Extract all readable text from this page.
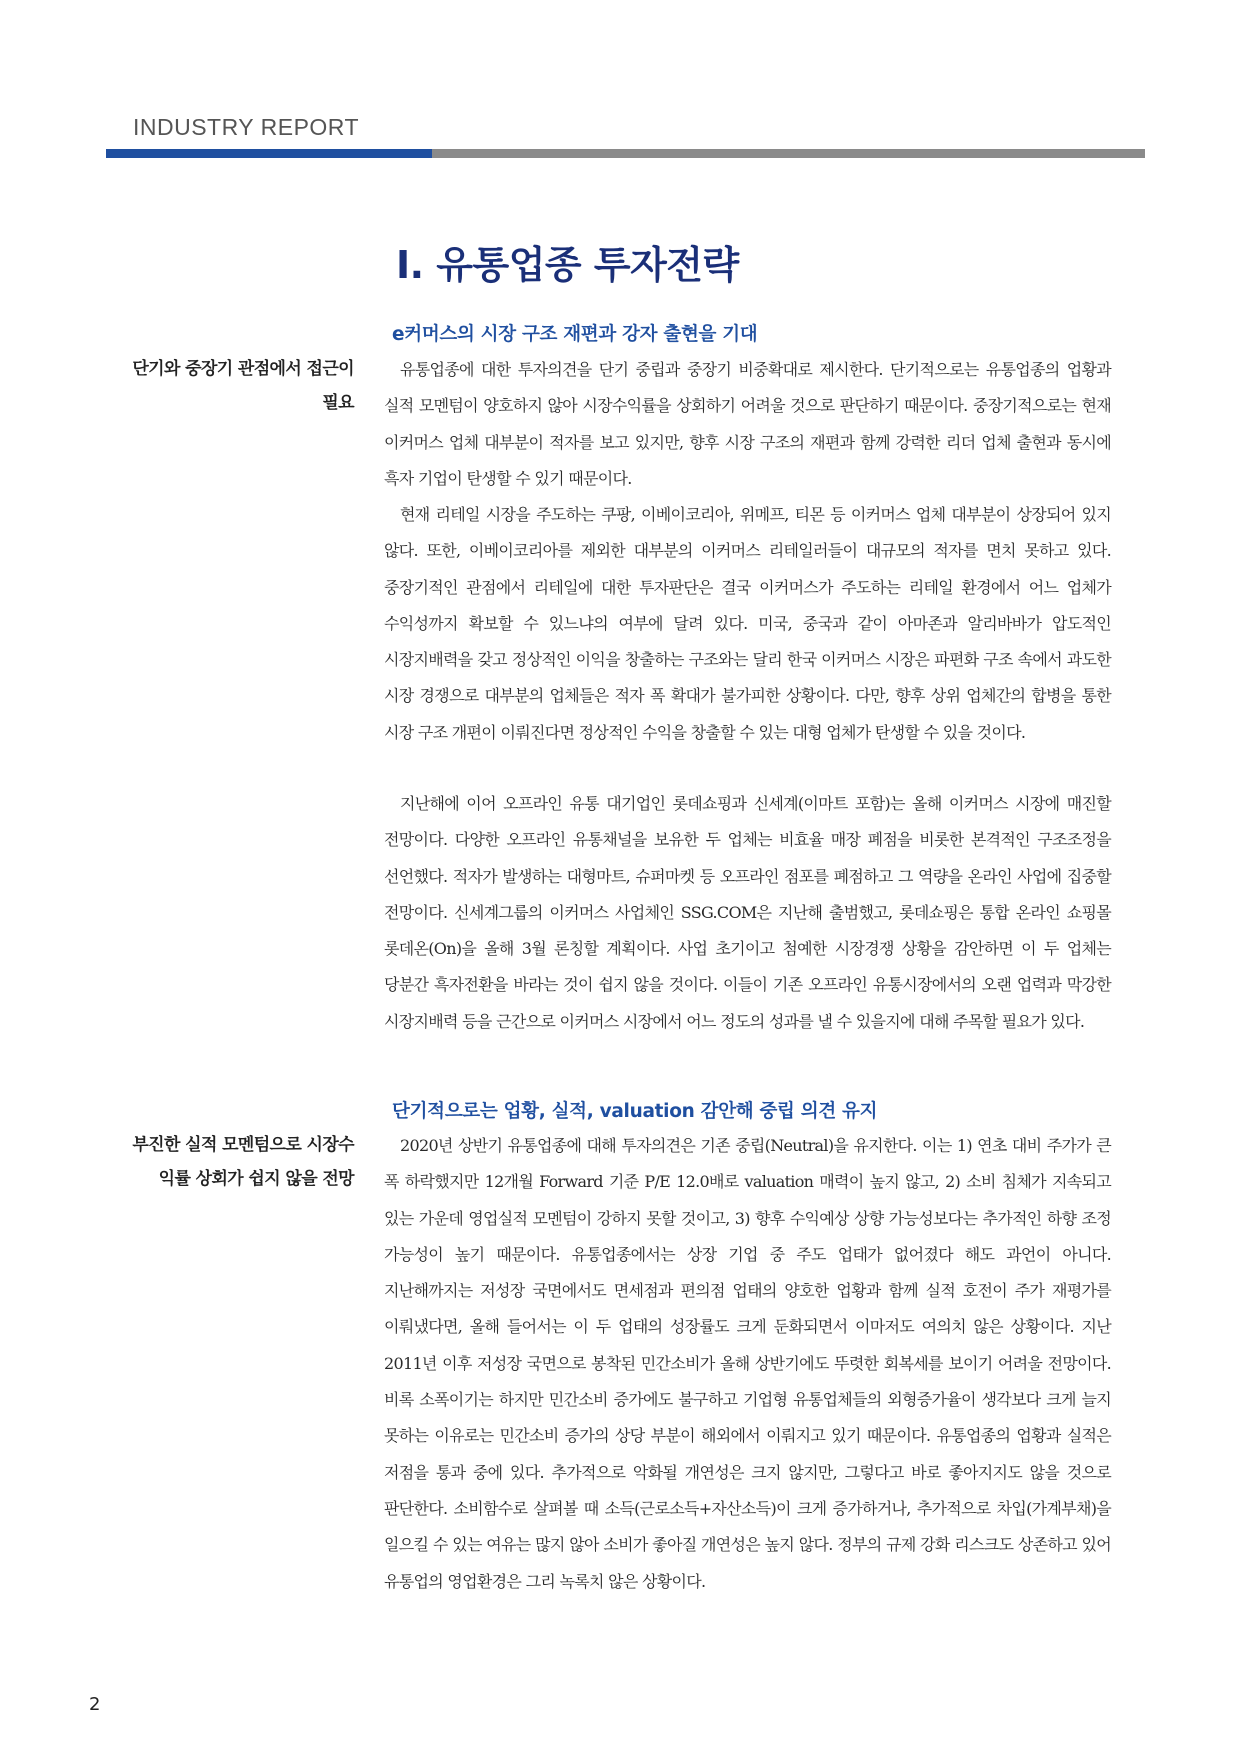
INDUSTRY REPORT
Ⅰ. 유통업종 투자전략
e커머스의 시장 구조 재편과 강자 출현을 기대
단기와 중장기 관점에서 접근이 필요
유통업종에 대한 투자의견을 단기 중립과 중장기 비중확대로 제시한다. 단기적으로는 유통업종의 업황과 실적 모멘텀이 양호하지 않아 시장수익률을 상회하기 어려울 것으로 판단하기 때문이다. 중장기적으로는 현재 이커머스 업체 대부분이 적자를 보고 있지만, 향후 시장 구조의 재편과 함께 강력한 리더 업체 출현과 동시에 흑자 기업이 탄생할 수 있기 때문이다.
현재 리테일 시장을 주도하는 쿠팡, 이베이코리아, 위메프, 티몬 등 이커머스 업체 대부분이 상장되어 있지 않다. 또한, 이베이코리아를 제외한 대부분의 이커머스 리테일러들이 대규모의 적자를 면치 못하고 있다. 중장기적인 관점에서 리테일에 대한 투자판단은 결국 이커머스가 주도하는 리테일 환경에서 어느 업체가 수익성까지 확보할 수 있느냐의 여부에 달려 있다. 미국, 중국과 같이 아마존과 알리바바가 압도적인 시장지배력을 갖고 정상적인 이익을 창출하는 구조와는 달리 한국 이커머스 시장은 파편화 구조 속에서 과도한 시장 경쟁으로 대부분의 업체들은 적자 폭 확대가 불가피한 상황이다. 다만, 향후 상위 업체간의 합병을 통한 시장 구조 개편이 이뤄진다면 정상적인 수익을 창출할 수 있는 대형 업체가 탄생할 수 있을 것이다.
지난해에 이어 오프라인 유통 대기업인 롯데쇼핑과 신세계(이마트 포함)는 올해 이커머스 시장에 매진할 전망이다. 다양한 오프라인 유통채널을 보유한 두 업체는 비효율 매장 폐점을 비롯한 본격적인 구조조정을 선언했다. 적자가 발생하는 대형마트, 슈퍼마켓 등 오프라인 점포를 폐점하고 그 역량을 온라인 사업에 집중할 전망이다. 신세계그룹의 이커머스 사업체인 SSG.COM은 지난해 출범했고, 롯데쇼핑은 통합 온라인 쇼핑몰 롯데온(On)을 올해 3월 론칭할 계획이다. 사업 초기이고 첨예한 시장경쟁 상황을 감안하면 이 두 업체는 당분간 흑자전환을 바라는 것이 쉽지 않을 것이다. 이들이 기존 오프라인 유통시장에서의 오랜 업력과 막강한 시장지배력 등을 근간으로 이커머스 시장에서 어느 정도의 성과를 낼 수 있을지에 대해 주목할 필요가 있다.
단기적으로는 업황, 실적, valuation 감안해 중립 의견 유지
부진한 실적 모멘텀으로 시장수익률 상회가 쉽지 않을 전망
2020년 상반기 유통업종에 대해 투자의견은 기존 중립(Neutral)을 유지한다. 이는 1) 연초 대비 주가가 큰 폭 하락했지만 12개월 Forward 기준 P/E 12.0배로 valuation 매력이 높지 않고, 2) 소비 침체가 지속되고 있는 가운데 영업실적 모멘텀이 강하지 못할 것이고, 3) 향후 수익예상 상향 가능성보다는 추가적인 하향 조정 가능성이 높기 때문이다. 유통업종에서는 상장 기업 중 주도 업태가 없어졌다 해도 과언이 아니다. 지난해까지는 저성장 국면에서도 면세점과 편의점 업태의 양호한 업황과 함께 실적 호전이 주가 재평가를 이뤄냈다면, 올해 들어서는 이 두 업태의 성장률도 크게 둔화되면서 이마저도 여의치 않은 상황이다. 지난 2011년 이후 저성장 국면으로 봉착된 민간소비가 올해 상반기에도 뚜렷한 회복세를 보이기 어려울 전망이다. 비록 소폭이기는 하지만 민간소비 증가에도 불구하고 기업형 유통업체들의 외형증가율이 생각보다 크게 늘지 못하는 이유로는 민간소비 증가의 상당 부분이 해외에서 이뤄지고 있기 때문이다. 유통업종의 업황과 실적은 저점을 통과 중에 있다. 추가적으로 악화될 개연성은 크지 않지만, 그렇다고 바로 좋아지지도 않을 것으로 판단한다. 소비함수로 살펴볼 때 소득(근로소득+자산소득)이 크게 증가하거나, 추가적으로 차입(가계부채)을 일으킬 수 있는 여유는 많지 않아 소비가 좋아질 개연성은 높지 않다. 정부의 규제 강화 리스크도 상존하고 있어 유통업의 영업환경은 그리 녹록치 않은 상황이다.
2
